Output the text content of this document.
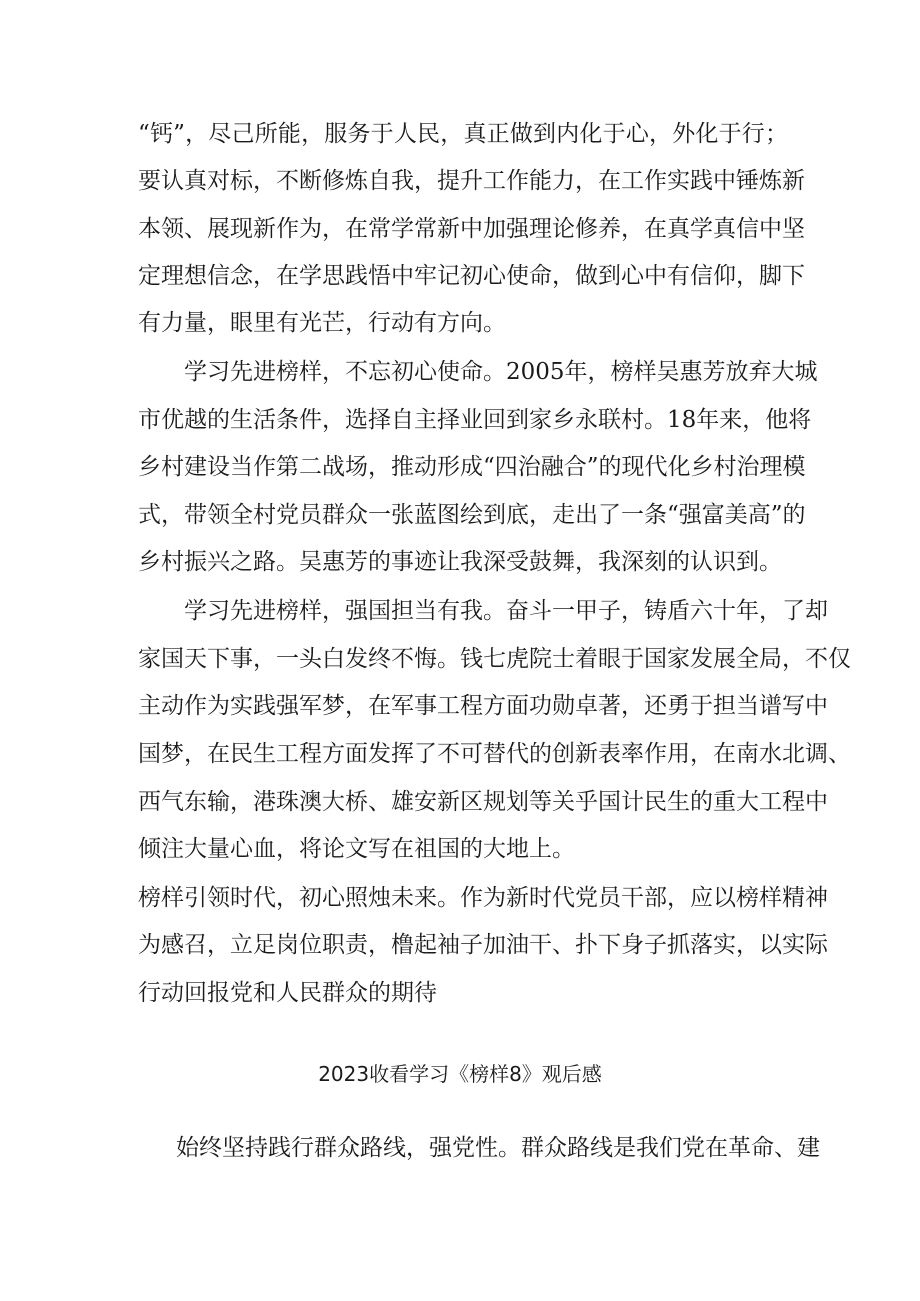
“钙”，尽己所能，服务于人民，真正做到内化于心，外化于行；
要认真对标，不断修炼自我，提升工作能力，在工作实践中锤炼新
本领、展现新作为，在常学常新中加强理论修养，在真学真信中坚
定理想信念，在学思践悟中牢记初心使命，做到心中有信仰，脚下
有力量，眼里有光芒，行动有方向。
学习先进榜样，不忘初心使命。2005年，榜样吴惠芳放弃大城
市优越的生活条件，选择自主择业回到家乡永联村。18年来，他将
乡村建设当作第二战场，推动形成“四治融合”的现代化乡村治理模
式，带领全村党员群众一张蓝图绘到底，走出了一条“强富美高”的
乡村振兴之路。吴惠芳的事迹让我深受鼓舞，我深刻的认识到。
学习先进榜样，强国担当有我。奋斗一甲子，铸盾六十年，了却
家国天下事，一头白发终不悔。钱七虎院士着眼于国家发展全局，不仅
主动作为实践强军梦，在军事工程方面功勋卓著，还勇于担当谱写中
国梦，在民生工程方面发挥了不可替代的创新表率作用，在南水北调、
西气东输，港珠澳大桥、雄安新区规划等关乎国计民生的重大工程中
倾注大量心血，将论文写在祖国的大地上。
榜样引领时代，初心照烛未来。作为新时代党员干部，应以榜样精神
为感召，立足岗位职责，橹起袖子加油干、扑下身子抓落实，以实际
行动回报党和人民群众的期待
2023收看学习《榜样8》观后感
始终坚持践行群众路线，强党性。群众路线是我们党在革命、建
